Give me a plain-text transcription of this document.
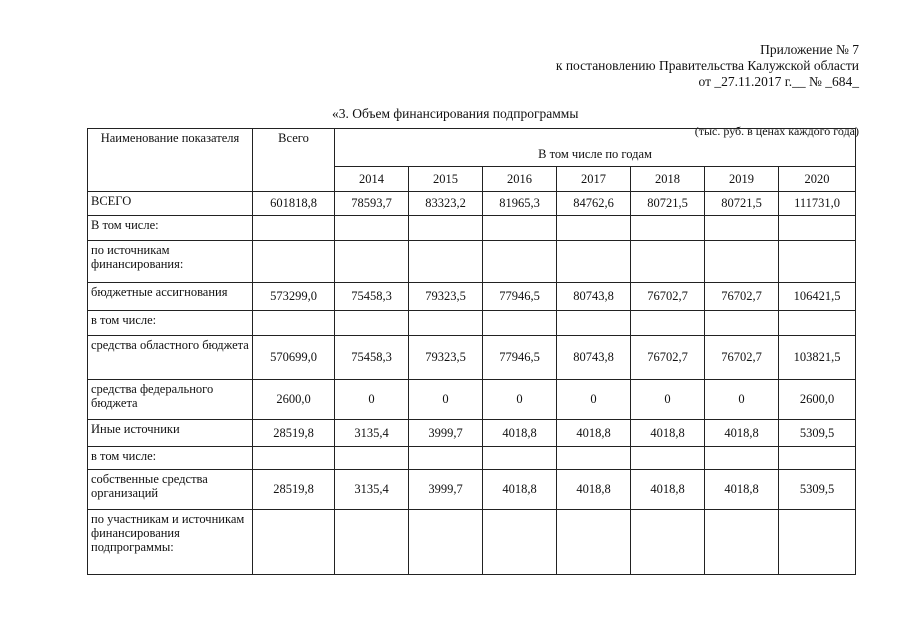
Приложение № 7
к постановлению Правительства Калужской области
от _27.11.2017 г.__ № _684_
«3. Объем финансирования подпрограммы
(тыс. руб. в ценах каждого года)
Наименование показателя	Всего	В том числе по годам						
		2014	2015	2016	2017	2018	2019	2020
ВСЕГО	601818,8	78593,7	83323,2	81965,3	84762,6	80721,5	80721,5	111731,0
В том числе:								
по источникам финансирования:								
бюджетные ассигнования	573299,0	75458,3	79323,5	77946,5	80743,8	76702,7	76702,7	106421,5
в том числе:								
средства областного бюджета	570699,0	75458,3	79323,5	77946,5	80743,8	76702,7	76702,7	103821,5
средства федерального бюджета	2600,0	0	0	0	0	0	0	2600,0
Иные источники	28519,8	3135,4	3999,7	4018,8	4018,8	4018,8	4018,8	5309,5
в том числе:								
собственные средства организаций	28519,8	3135,4	3999,7	4018,8	4018,8	4018,8	4018,8	5309,5
по участникам и источникам финансирования подпрограммы:								
